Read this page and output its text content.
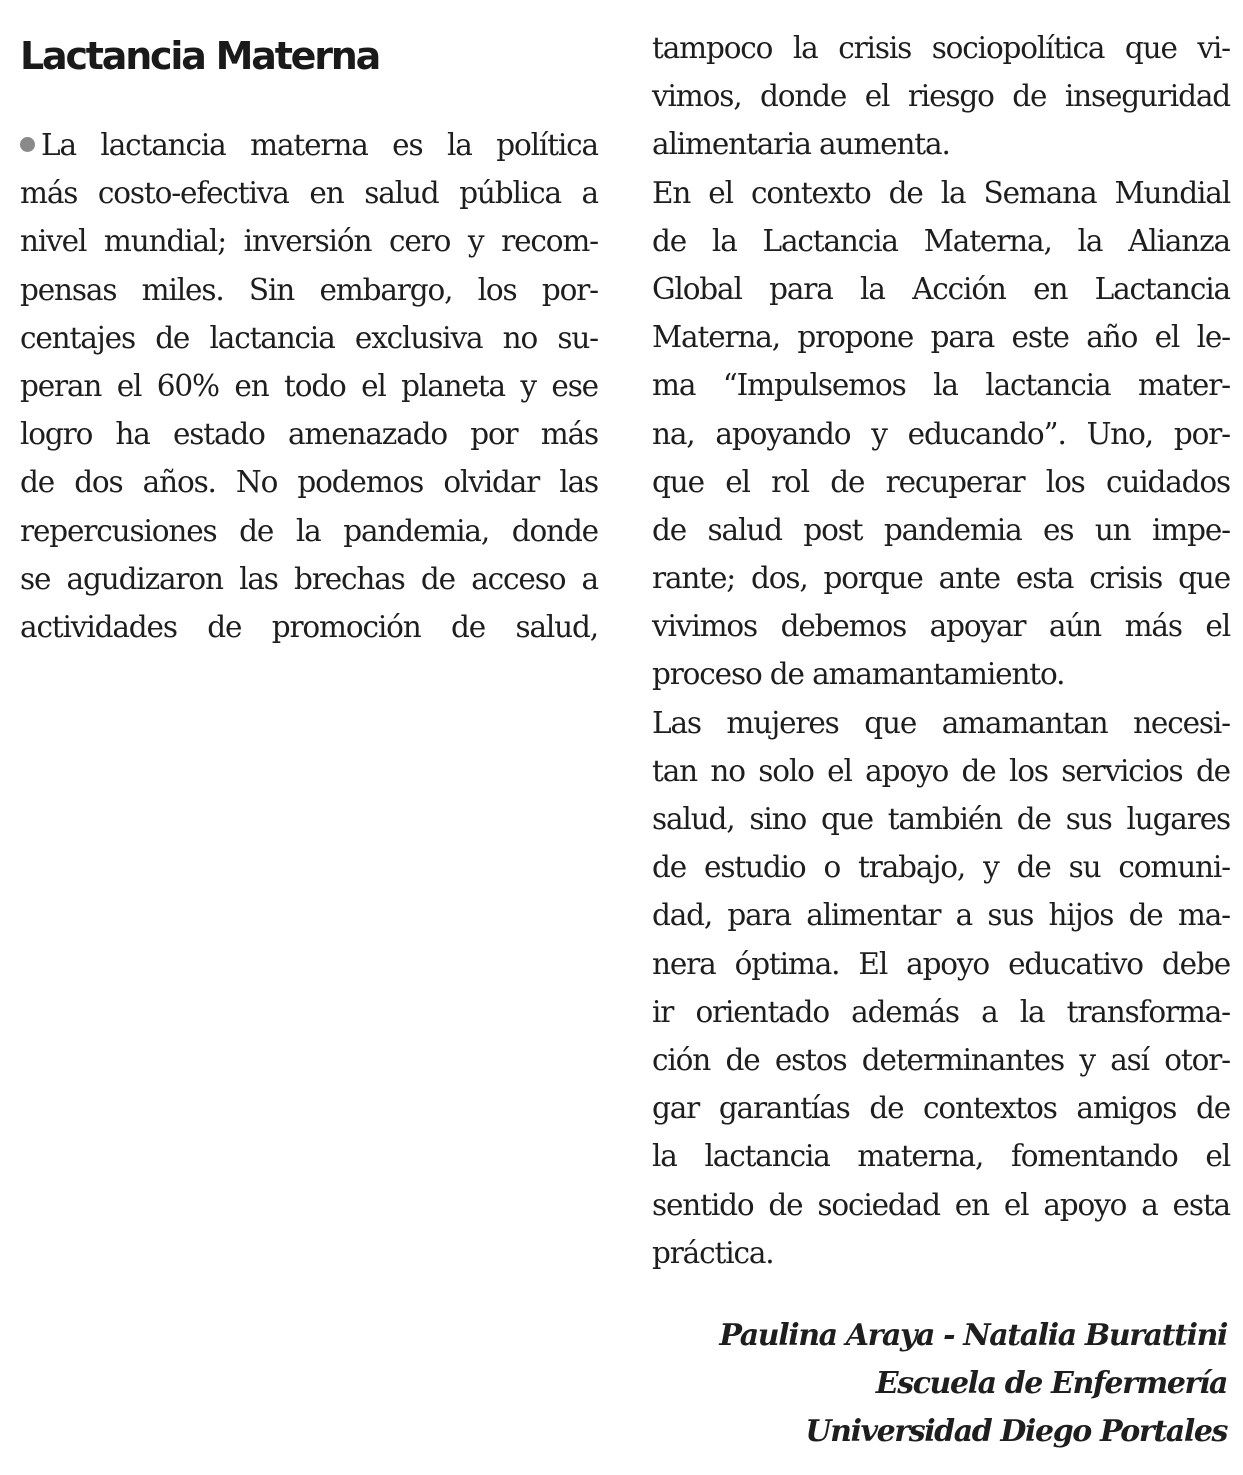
Lactancia Materna
La lactancia materna es la política
más costo-efectiva en salud pública a
nivel mundial; inversión cero y recom-
pensas miles. Sin embargo, los por-
centajes de lactancia exclusiva no su-
peran el 60% en todo el planeta y ese
logro ha estado amenazado por más
de dos años. No podemos olvidar las
repercusiones de la pandemia, donde
se agudizaron las brechas de acceso a
actividades de promoción de salud,
tampoco la crisis sociopolítica que vi-
vimos, donde el riesgo de inseguridad
alimentaria aumenta.
En el contexto de la Semana Mundial
de la Lactancia Materna, la Alianza
Global para la Acción en Lactancia
Materna, propone para este año el le-
ma “Impulsemos la lactancia mater-
na, apoyando y educando”. Uno, por-
que el rol de recuperar los cuidados
de salud post pandemia es un impe-
rante; dos, porque ante esta crisis que
vivimos debemos apoyar aún más el
proceso de amamantamiento.
Las mujeres que amamantan necesi-
tan no solo el apoyo de los servicios de
salud, sino que también de sus lugares
de estudio o trabajo, y de su comuni-
dad, para alimentar a sus hijos de ma-
nera óptima. El apoyo educativo debe
ir orientado además a la transforma-
ción de estos determinantes y así otor-
gar garantías de contextos amigos de
la lactancia materna, fomentando el
sentido de sociedad en el apoyo a esta
práctica.
Paulina Araya - Natalia Burattini
Escuela de Enfermería
Universidad Diego Portales
